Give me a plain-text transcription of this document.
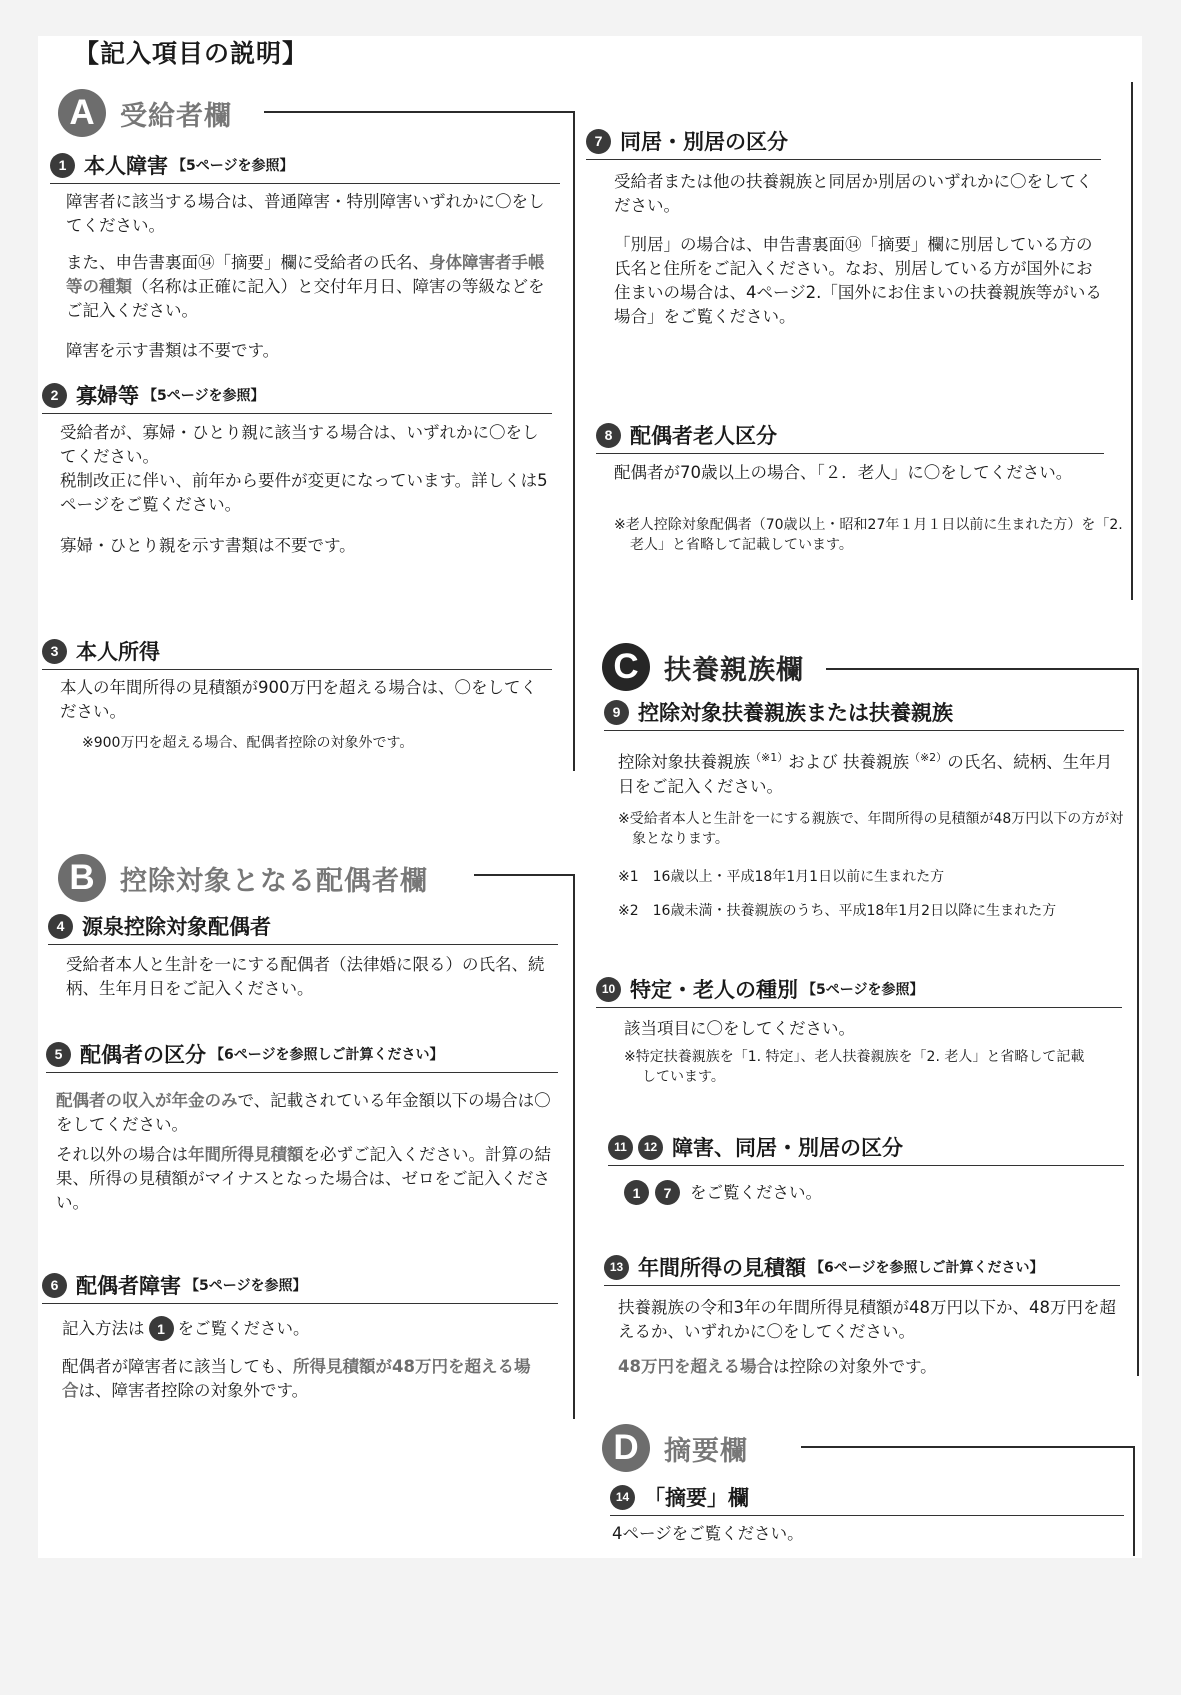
【記入項目の説明】
A 受給者欄
1 本人障害 【5ページを参照】

障害者に該当する場合は、普通障害・特別障害いずれかに〇をしてください。

また、申告書裏面⑭「摘要」欄に受給者の氏名、身体障害者手帳等の種類（名称は正確に記入）と交付年月日、障害の等級などをご記入ください。

障害を示す書類は不要です。

2 寡婦等 【5ページを参照】

受給者が、寡婦・ひとり親に該当する場合は、いずれかに〇をしてください。

税制改正に伴い、前年から要件が変更になっています。詳しくは5ページをご覧ください。

寡婦・ひとり親を示す書類は不要です。

3 本人所得

本人の年間所得の見積額が900万円を超える場合は、〇をしてください。

※900万円を超える場合、配偶者控除の対象外です。

B 控除対象となる配偶者欄
4 源泉控除対象配偶者

受給者本人と生計を一にする配偶者（法律婚に限る）の氏名、続柄、生年月日をご記入ください。

5 配偶者の区分 【6ページを参照しご計算ください】

配偶者の収入が年金のみで、記載されている年金額以下の場合は〇をしてください。

それ以外の場合は年間所得見積額を必ずご記入ください。計算の結果、所得の見積額がマイナスとなった場合は、ゼロをご記入ください。

6 配偶者障害 【5ページを参照】

記入方法は 1 をご覧ください。

配偶者が障害者に該当しても、所得見積額が48万円を超える場合は、障害者控除の対象外です。

7 同居・別居の区分

受給者または他の扶養親族と同居か別居のいずれかに〇をしてください。

「別居」の場合は、申告書裏面⑭「摘要」欄に別居している方の氏名と住所をご記入ください。なお、別居している方が国外にお住まいの場合は、4ページ2.「国外にお住まいの扶養親族等がいる場合」をご覧ください。

8 配偶者老人区分

配偶者が70歳以上の場合、「２．老人」に〇をしてください。

※老人控除対象配偶者（70歳以上・昭和27年１月１日以前に生まれた方）を「2. 老人」と省略して記載しています。

C 扶養親族欄
9 控除対象扶養親族または扶養親族

控除対象扶養親族$^{(※1)}$および 扶養親族$^{(※2)}$の氏名、続柄、生年月日をご記入ください。

※受給者本人と生計を一にする親族で、年間所得の見積額が48万円以下の方が対象となります。

※1　16歳以上・平成18年1月1日以前に生まれた方

※2　16歳未満・扶養親族のうち、平成18年1月2日以降に生まれた方

10 特定・老人の種別 【5ページを参照】

該当項目に〇をしてください。

※特定扶養親族を「1. 特定」、老人扶養親族を「2. 老人」と省略して記載しています。

11	12 障害、同居・別居の区分

1	7	をご覧ください。

13 年間所得の見積額 【6ページを参照しご計算ください】

扶養親族の令和3年の年間所得見積額が48万円以下か、48万円を超えるか、いずれかに〇をしてください。

48万円を超える場合は控除の対象外です。

D 摘要欄
14 「摘要」欄

4ページをご覧ください。
